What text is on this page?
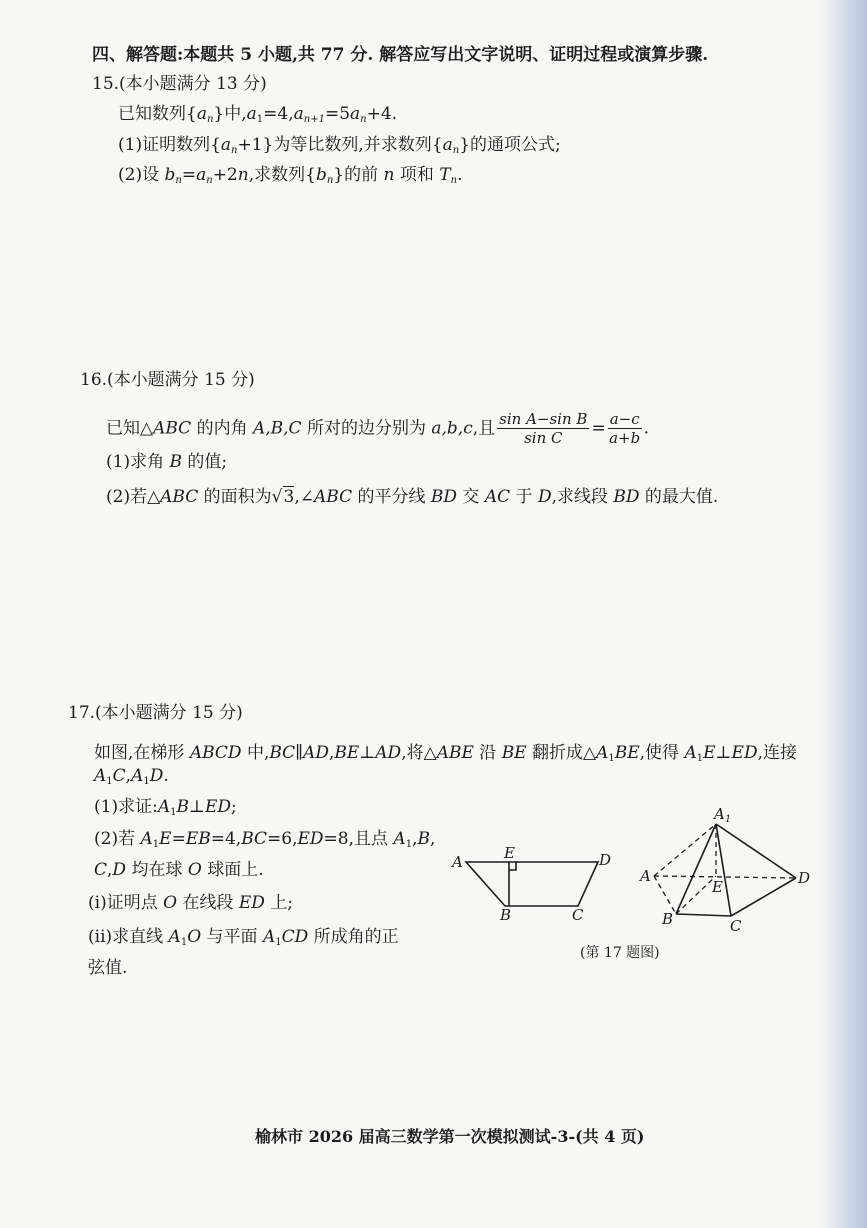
四、解答题:本题共 5 小题,共 77 分. 解答应写出文字说明、证明过程或演算步骤.
15.(本小题满分 13 分)
已知数列$\{a_n\}$中$,a_1=4,a_{n+1}=5a_n+4$.
(1)证明数列$\{a_n+1\}$为等比数列,并求数列$\{a_n\}$的通项公式;
(2)设 $b_n=a_n+2n$,求数列$\{b_n\}$的前 n 项和 $T_n$.
16.(本小题满分 15 分)
已知△ABC 的内角 A,B,C 所对的边分别为 a,b,c,且 $\frac{\text{sin A−sin B}}{\text{sin C}} = \frac{a-c}{a+b}$ .
(1)求角 B 的值;
(2)若△ABC 的面积为√3,∠ABC 的平分线 BD 交 AC 于 D,求线段 BD 的最大值.
17.(本小题满分 15 分)
如图,在梯形 ABCD 中,BC∥AD,BE⊥AD,将△ABE 沿 BE 翻折成$\triangle A_1BE$,使得 $A_1E\perp ED$,连接
$A_1C,A_1D$.
(1)求证$:A_1B\perp ED$;
(2)若 $A_1E=EB=4,BC=6,ED=8$,且点 $A_1,B$,
C,D 均在球 O 球面上.
(i)证明点 O 在线段 ED 上;
(ii)求直线 $A_1O$ 与平面 $A_1CD$ 所成角的正
弦值.
A	E	D
B	C
$A_1$
A
E	D
B	C
(第 17 题图)
榆林市 2026 届高三数学第一次模拟测试-3-(共 4 页)
